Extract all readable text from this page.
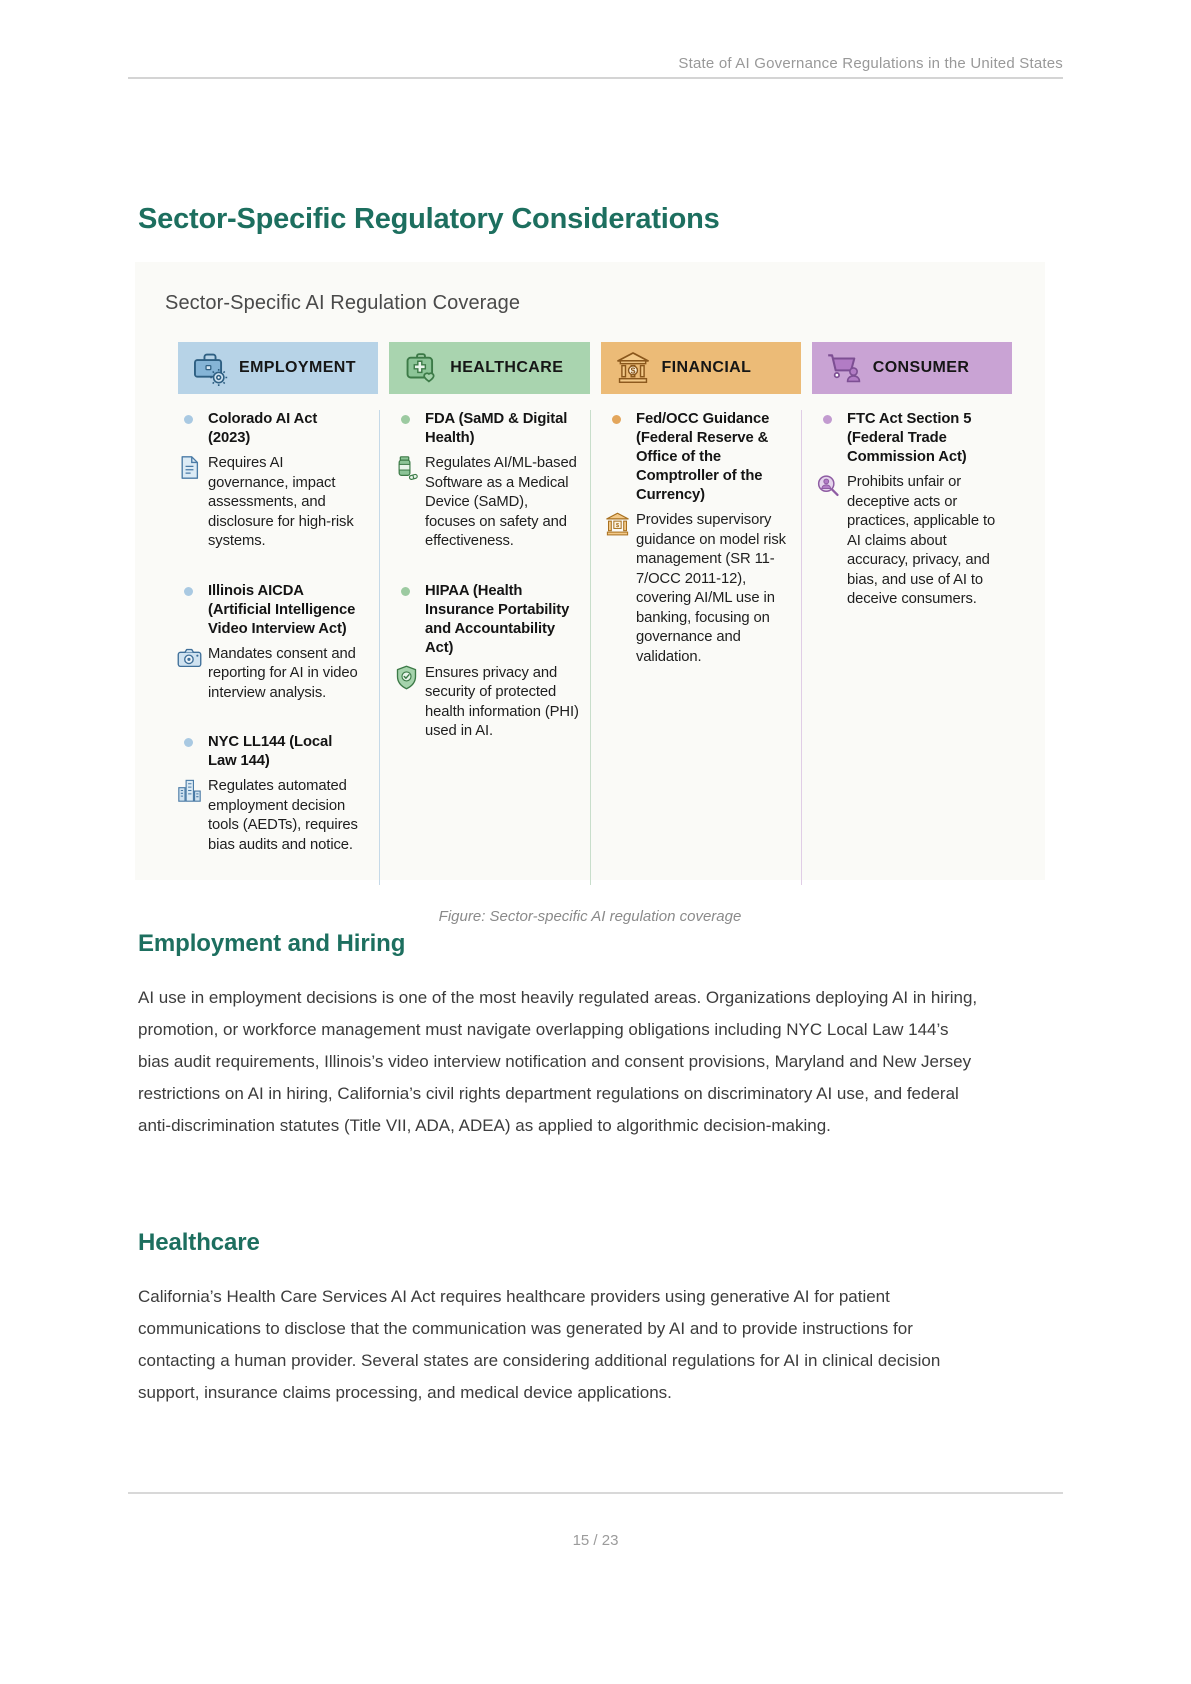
State of AI Governance Regulations in the United States
Sector-Specific Regulatory Considerations
Sector-Specific AI Regulation Coverage
EMPLOYMENT	HEALTHCARE	$ FINANCIAL	CONSUMER
Colorado AI Act (2023)
Requires AI governance, impact assessments, and disclosure for high-risk systems.
Illinois AICDA (Artificial Intelligence Video Interview Act)
Mandates consent and reporting for AI in video interview analysis.
NYC LL144 (Local Law 144)
Regulates automated employment decision tools (AEDTs), requires bias audits and notice.
FDA (SaMD & Digital Health)
Regulates AI/ML-based Software as a Medical Device (SaMD), focuses on safety and effectiveness.
HIPAA (Health Insurance Portability and Accountability Act)
Ensures privacy and security of protected health information (PHI) used in AI.
Fed/OCC Guidance (Federal Reserve & Office of the Comptroller of the Currency)
$ Provides supervisory guidance on model risk management (SR 11-7/OCC 2011-12), covering AI/ML use in banking, focusing on governance and validation.
FTC Act Section 5 (Federal Trade Commission Act)
Prohibits unfair or deceptive acts or practices, applicable to AI claims about accuracy, privacy, and bias, and use of AI to deceive consumers.
Figure: Sector-specific AI regulation coverage
Employment and Hiring

AI use in employment decisions is one of the most heavily regulated areas. Organizations deploying AI in hiring, promotion, or workforce management must navigate overlapping obligations including NYC Local Law 144’s bias audit requirements, Illinois’s video interview notification and consent provisions, Maryland and New Jersey restrictions on AI in hiring, California’s civil rights department regulations on discriminatory AI use, and federal anti-discrimination statutes (Title VII, ADA, ADEA) as applied to algorithmic decision-making.

Healthcare

California’s Health Care Services AI Act requires healthcare providers using generative AI for patient communications to disclose that the communication was generated by AI and to provide instructions for contacting a human provider. Several states are considering additional regulations for AI in clinical decision support, insurance claims processing, and medical device applications.

15 / 23
